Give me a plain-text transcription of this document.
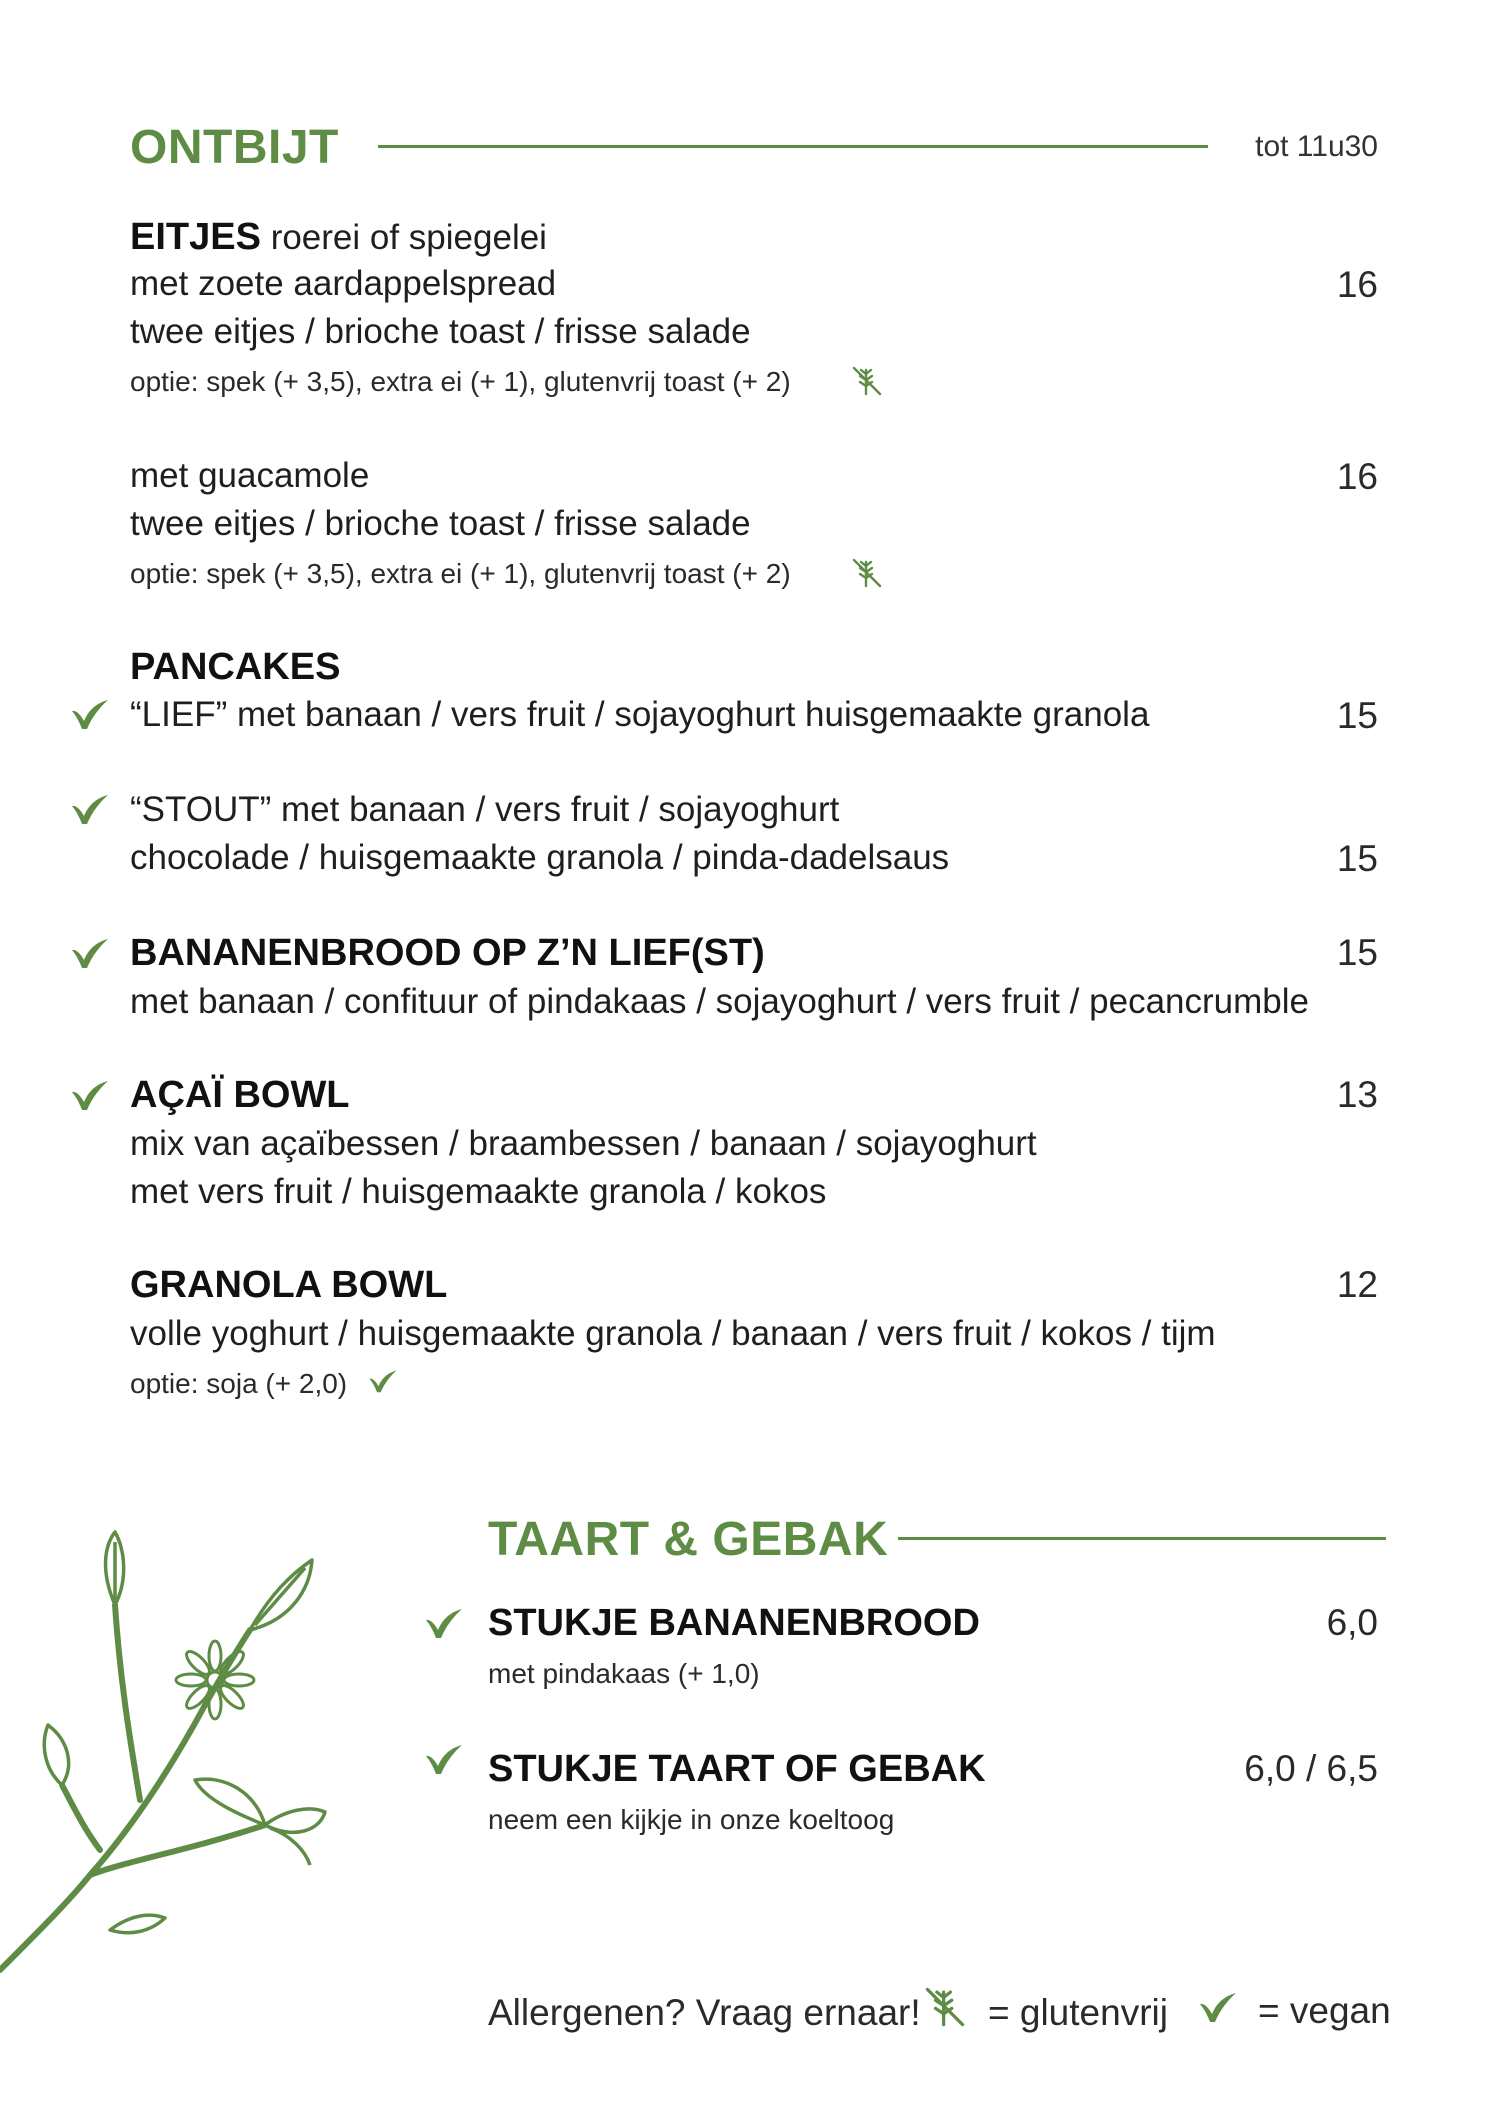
ONTBIJT	tot 11u30
EITJES roerei of spiegelei
met zoete aardappelspread	16
twee eitjes / brioche toast / frisse salade
optie: spek (+ 3,5), extra ei (+ 1), glutenvrij toast (+ 2)
met guacamole	16
twee eitjes / brioche toast / frisse salade
optie: spek (+ 3,5), extra ei (+ 1), glutenvrij toast (+ 2)
PANCAKES
“LIEF” met banaan / vers fruit / sojayoghurt huisgemaakte granola	15
“STOUT” met banaan / vers fruit / sojayoghurt
chocolade / huisgemaakte granola / pinda-dadelsaus	15
BANANENBROOD OP Z’N LIEF(ST)	15
met banaan / confituur of pindakaas / sojayoghurt / vers fruit / pecancrumble
AÇAÏ BOWL	13
mix van açaïbessen / braambessen / banaan / sojayoghurt
met vers fruit / huisgemaakte granola / kokos
GRANOLA BOWL	12
volle yoghurt / huisgemaakte granola / banaan / vers fruit / kokos / tijm
optie: soja (+ 2,0)
TAART & GEBAK
STUKJE BANANENBROOD	6,0
met pindakaas (+ 1,0)
STUKJE TAART OF GEBAK	6,0 / 6,5
neem een kijkje in onze koeltoog
Allergenen? Vraag ernaar! = glutenvrij = vegan
